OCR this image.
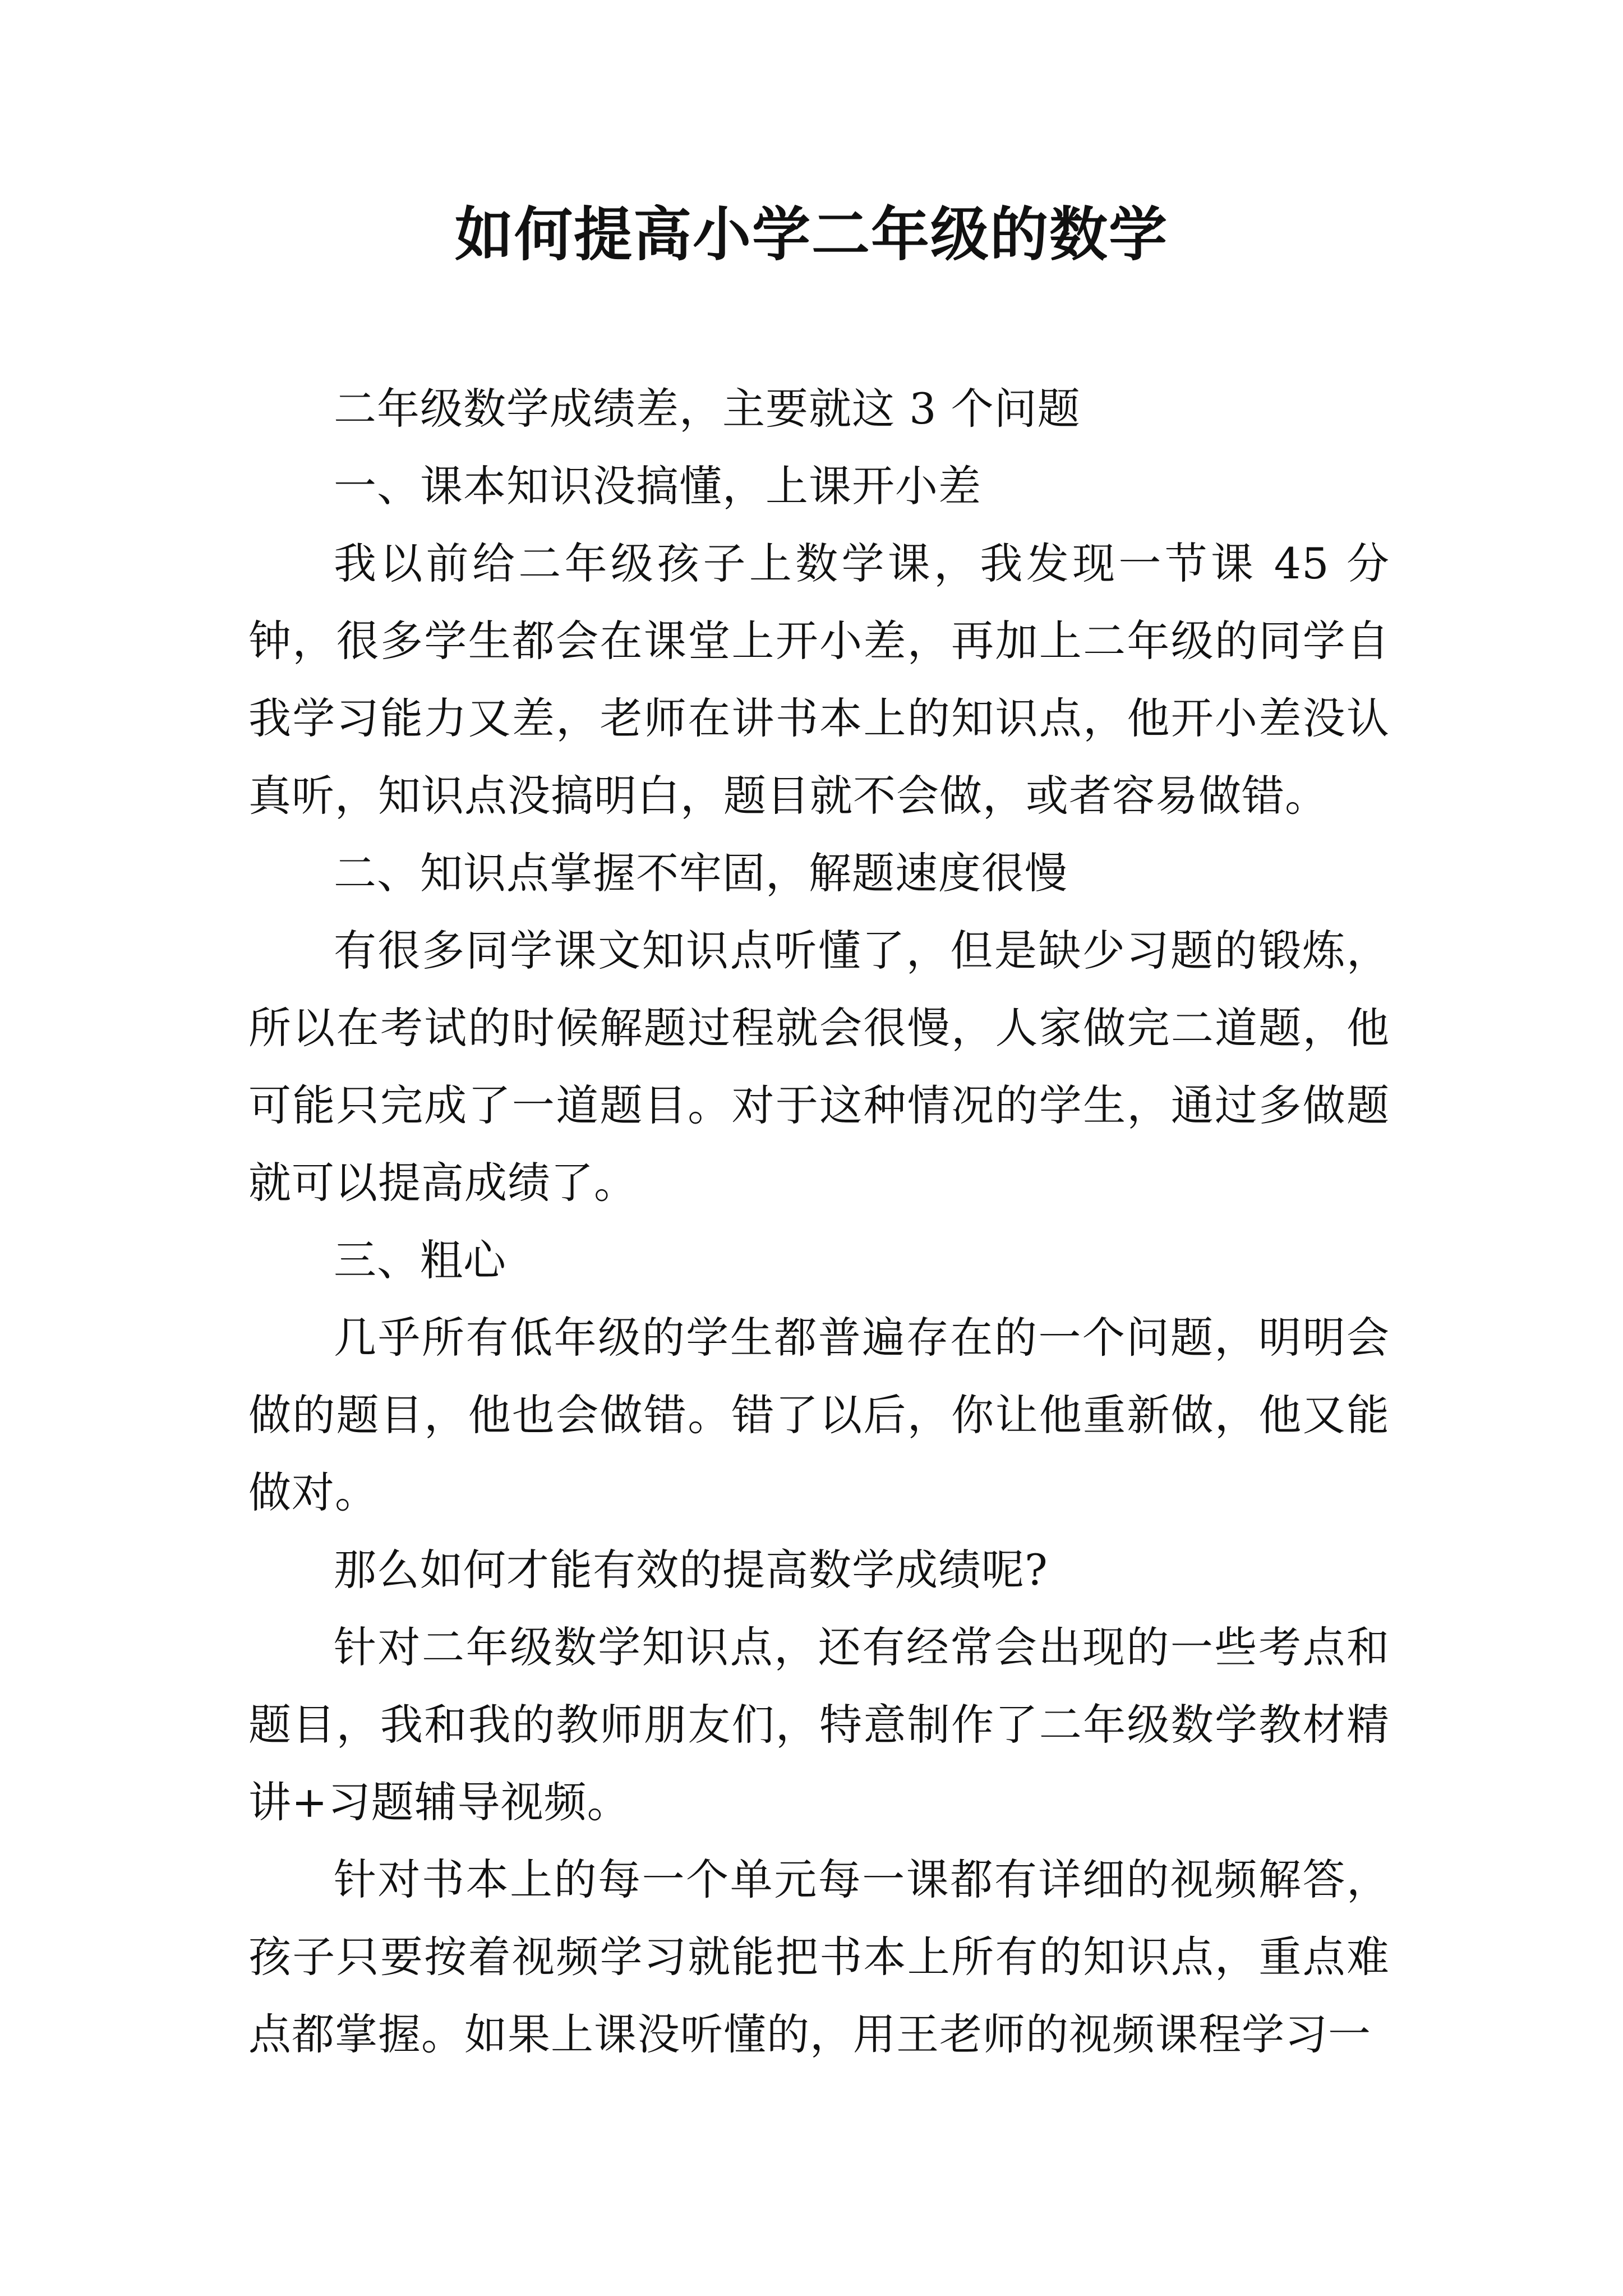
如何提高小学二年级的数学

二年级数学成绩差，主要就这 3 个问题

一、课本知识没搞懂，上课开小差

我以前给二年级孩子上数学课，我发现一节课 45 分钟，很多学生都会在课堂上开小差，再加上二年级的同学自我学习能力又差，老师在讲书本上的知识点，他开小差没认真听，知识点没搞明白，题目就不会做，或者容易做错。

二、知识点掌握不牢固，解题速度很慢

有很多同学课文知识点听懂了，但是缺少习题的锻炼，所以在考试的时候解题过程就会很慢，人家做完二道题，他可能只完成了一道题目。对于这种情况的学生，通过多做题就可以提高成绩了。

三、粗心

几乎所有低年级的学生都普遍存在的一个问题，明明会做的题目，他也会做错。错了以后，你让他重新做，他又能做对。

那么如何才能有效的提高数学成绩呢?

针对二年级数学知识点，还有经常会出现的一些考点和题目，我和我的教师朋友们，特意制作了二年级数学教材精讲+习题辅导视频。

针对书本上的每一个单元每一课都有详细的视频解答，孩子只要按着视频学习就能把书本上所有的知识点，重点难点都掌握。如果上课没听懂的，用王老师的视频课程学习一
